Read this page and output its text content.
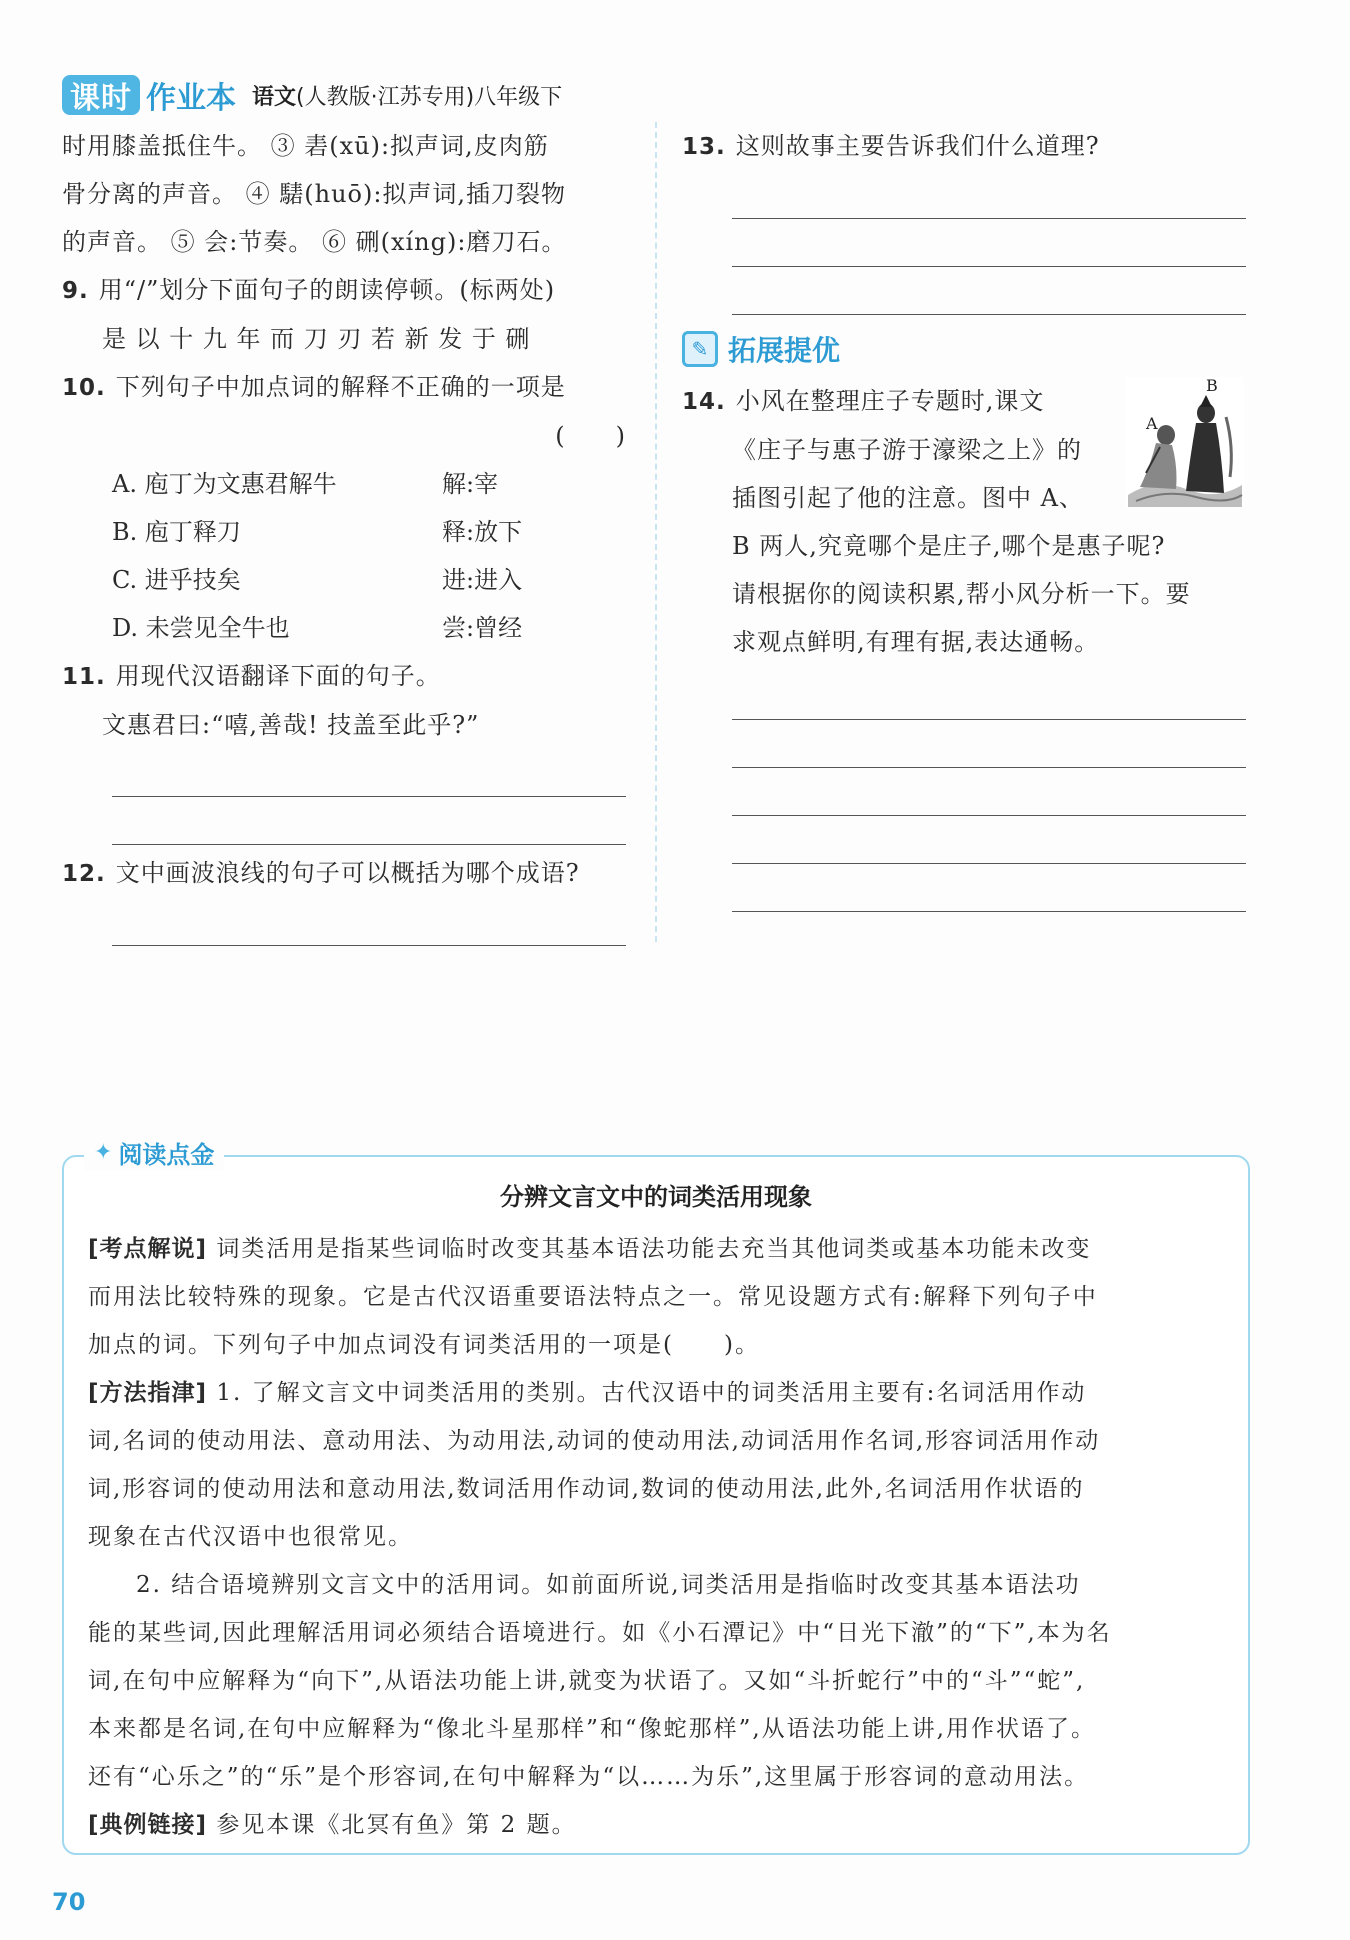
课时 作业本 语文(人教版·江苏专用)八年级下
时用膝盖抵住牛。 ③ 砉(xū):拟声词,皮肉筋
骨分离的声音。 ④ 騞(huō):拟声词,插刀裂物
的声音。 ⑤ 会:节奏。 ⑥ 硎(xíng):磨刀石。
9. 用“/”划分下面句子的朗读停顿。(标两处)
是 以 十 九 年 而 刀 刃 若 新 发 于 硎
10. 下列句子中加点词的解释不正确的一项是
(　　)
A. 庖丁为文惠君解牛	解:宰
B. 庖丁释刀	释:放下
C. 进乎技矣	进:进入
D. 未尝见全牛也	尝:曾经
11. 用现代汉语翻译下面的句子。
文惠君曰:“嘻,善哉! 技盖至此乎?”
12. 文中画波浪线的句子可以概括为哪个成语?
13. 这则故事主要告诉我们什么道理?
✎ 拓展提优
A
B
14. 小风在整理庄子专题时,课文
《庄子与惠子游于濠梁之上》的
插图引起了他的注意。图中 A、
B 两人,究竟哪个是庄子,哪个是惠子呢?
请根据你的阅读积累,帮小风分析一下。要
求观点鲜明,有理有据,表达通畅。
✦ 阅读点金
分辨文言文中的词类活用现象
[考点解说] 词类活用是指某些词临时改变其基本语法功能去充当其他词类或基本功能未改变
而用法比较特殊的现象。它是古代汉语重要语法特点之一。常见设题方式有:解释下列句子中
加点的词。下列句子中加点词没有词类活用的一项是(　　)。
[方法指津] 1. 了解文言文中词类活用的类别。古代汉语中的词类活用主要有:名词活用作动
词,名词的使动用法、意动用法、为动用法,动词的使动用法,动词活用作名词,形容词活用作动
词,形容词的使动用法和意动用法,数词活用作动词,数词的使动用法,此外,名词活用作状语的
现象在古代汉语中也很常见。
2. 结合语境辨别文言文中的活用词。如前面所说,词类活用是指临时改变其基本语法功
能的某些词,因此理解活用词必须结合语境进行。如《小石潭记》中“日光下澈”的“下”,本为名
词,在句中应解释为“向下”,从语法功能上讲,就变为状语了。又如“斗折蛇行”中的“斗”“蛇”,
本来都是名词,在句中应解释为“像北斗星那样”和“像蛇那样”,从语法功能上讲,用作状语了。
还有“心乐之”的“乐”是个形容词,在句中解释为“以……为乐”,这里属于形容词的意动用法。
[典例链接] 参见本课《北冥有鱼》第 2 题。
70
